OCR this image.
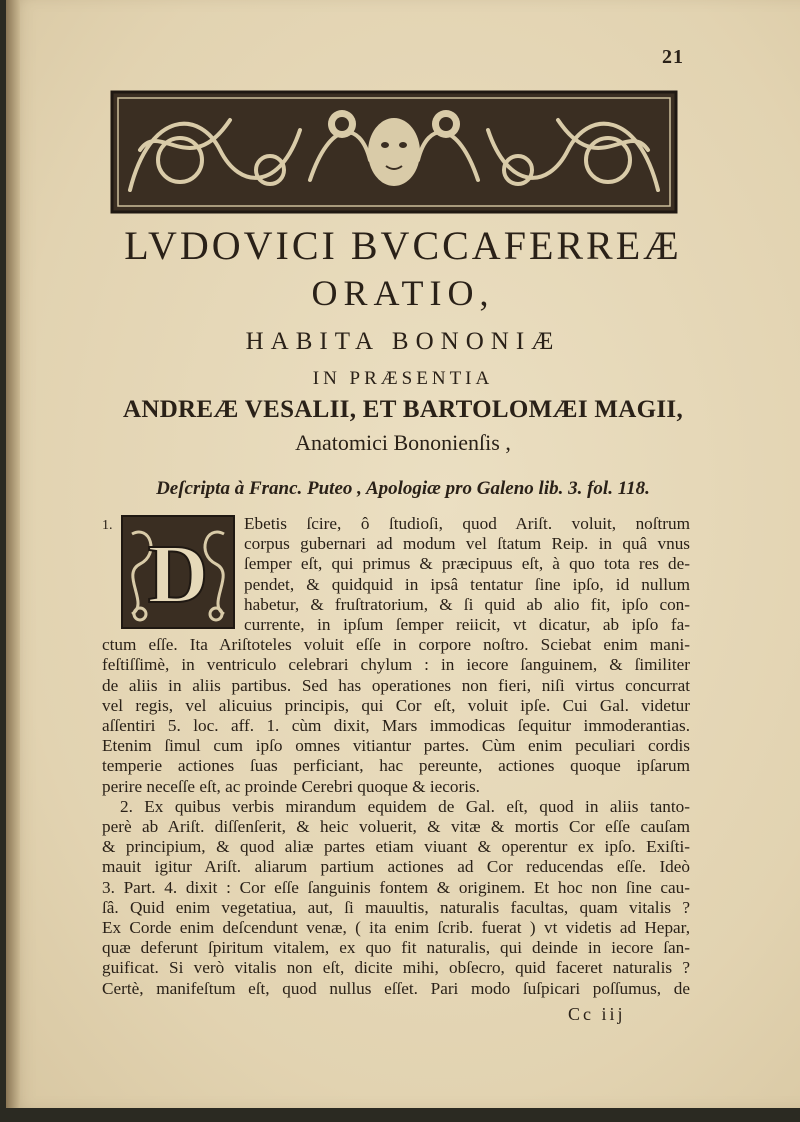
21
LVDOVICI BVCCAFERREÆ
ORATIO,
HABITA BONONIÆ
IN PRÆSENTIA
ANDREÆ VESALII, ET BARTOLOMÆI MAGII,
Anatomici Bononienſis ,
Deſcripta à Franc. Puteo , Apologiæ pro Galeno lib. 3. fol. 118.
1.
D
Ebetis ſcire, ô ſtudioſi, quod Ariſt. voluit, noſtrum
corpus gubernari ad modum vel ſtatum Reip. in quâ vnus
ſemper eſt, qui primus & præcipuus eſt, à quo tota res de-
pendet, & quidquid in ipsâ tentatur ſine ipſo, id nullum
habetur, & fruſtratorium, & ſi quid ab alio fit, ipſo con-
currente, in ipſum ſemper reiicit, vt dicatur, ab ipſo fa-
ctum eſſe. Ita Ariſtoteles voluit eſſe in corpore noſtro. Sciebat enim mani-
feſtiſſimè, in ventriculo celebrari chylum : in iecore ſanguinem, & ſimiliter
de aliis in aliis partibus. Sed has operationes non fieri, niſi virtus concurrat
vel regis, vel alicuius principis, qui Cor eſt, voluit ipſe. Cui Gal. videtur
aſſentiri 5. loc. aff. 1. cùm dixit, Mars immodicas ſequitur immoderantias.
Etenim ſimul cum ipſo omnes vitiantur partes. Cùm enim peculiari cordis
temperie actiones ſuas perficiant, hac pereunte, actiones quoque ipſarum
perire neceſſe eſt, ac proinde Cerebri quoque & iecoris.
2. Ex quibus verbis mirandum equidem de Gal. eſt, quod in aliis tanto-
perè ab Ariſt. diſſenſerit, & heic voluerit, & vitæ & mortis Cor eſſe cauſam
& principium, & quod aliæ partes etiam viuant & operentur ex ipſo. Exiſti-
mauit igitur Ariſt. aliarum partium actiones ad Cor reducendas eſſe. Ideò
3. Part. 4. dixit : Cor eſſe ſanguinis fontem & originem. Et hoc non ſine cau-
ſâ. Quid enim vegetatiua, aut, ſi mauultis, naturalis facultas, quam vitalis ?
Ex Corde enim deſcendunt venæ, ( ita enim ſcrib. fuerat ) vt videtis ad Hepar,
quæ deferunt ſpiritum vitalem, ex quo fit naturalis, qui deinde in iecore ſan-
guificat. Si verò vitalis non eſt, dicite mihi, obſecro, quid faceret naturalis ?
Certè, manifeſtum eſt, quod nullus eſſet. Pari modo ſuſpicari poſſumus, de
Cc iij
